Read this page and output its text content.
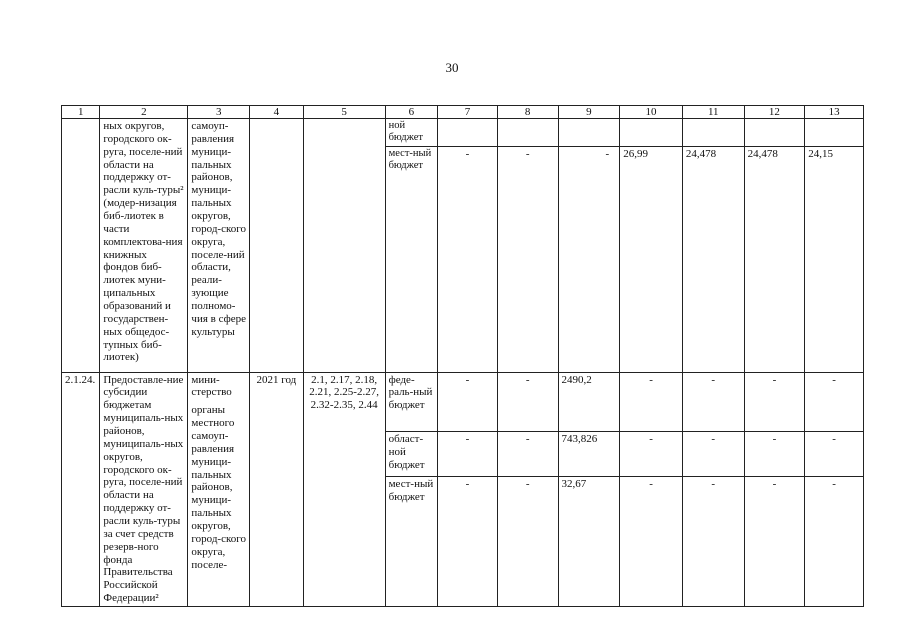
30
1	2	3	4	5	6	7	8	9	10	11	12	13
	ных округов, городского ок-руга, поселе-ний области на поддержку от-расли куль-туры² (модер-низация биб-лиотек в части комплектова-ния книжных фондов биб-лиотек муни-ципальных образований и государствен-ных общедос-тупных биб-лиотек)	самоуп-равления муници-пальных районов, муници-пальных округов, город-ского округа, поселе-ний области, реали-зующие полномо-чия в сфере культуры			ной бюджет							
					мест-ный бюджет	-	-	-	26,99	24,478	24,478	24,15
2.1.24.	Предоставле-ние субсидии бюджетам муниципаль-ных районов, муниципаль-ных округов, городского ок-руга, поселе-ний области на поддержку от-расли куль-туры за счет средств резерв-ного фонда Правительства Российской Федерации²	мини-стерство
органы местного самоуп-равления муници-пальных районов, муници-пальных округов, город-ского округа, поселе-	2021 год	2.1, 2.17, 2.18, 2.21, 2.25-2.27, 2.32-2.35, 2.44	феде-раль-ный бюджет	-	-	2490,2	-	-	-	-
					област-ной бюджет	-	-	743,826	-	-	-	-
					мест-ный бюджет	-	-	32,67	-	-	-	-
